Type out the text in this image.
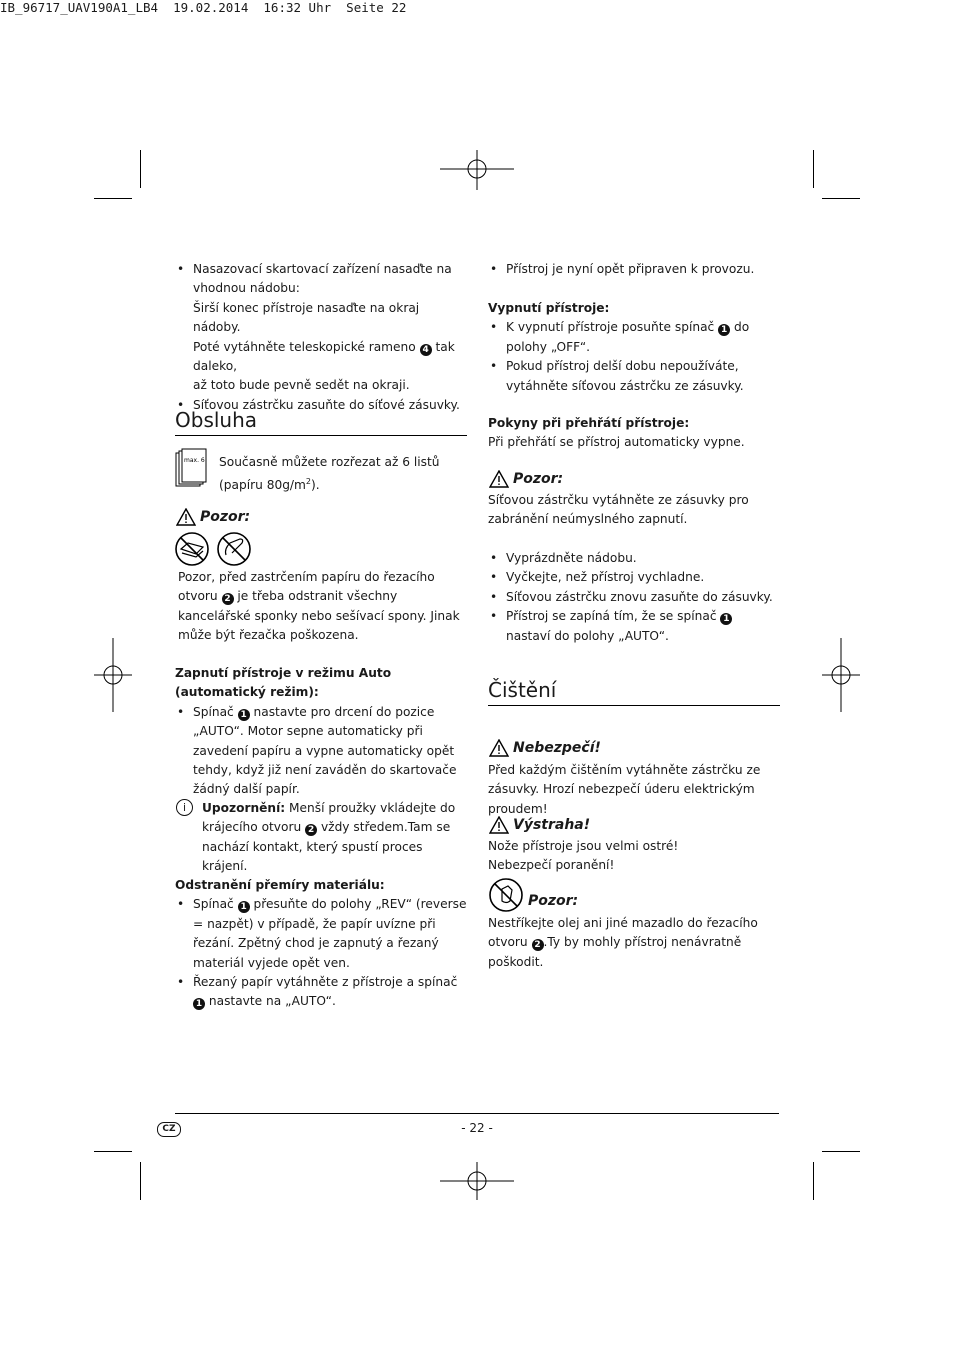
IB_96717_UAV190A1_LB4  19.02.2014  16:32 Uhr  Seite 22
• Nasazovací skartovací zařízení nasaďte na vhodnou nádobu:
Širší konec přístroje nasaďte na okraj nádoby.
Poté vytáhněte teleskopické rameno 4 tak daleko,
až toto bude pevně sedět na okraji.
• Síťovou zástrčku zasuňte do síťové zásuvky.
Obsluha
max. 6 Současně můžete rozřezat až 6 listů (papíru $80g/m^2$).
Pozor:
Pozor, před zastrčením papíru do řezacího otvoru 2 je třeba odstranit všechny kancelářské sponky nebo sešívací spony. Jinak může být řezačka poškozena.

Zapnutí přístroje v režimu Auto (automatický režim):

• Spínač 1 nastavte pro drcení do pozice „AUTO“. Motor sepne automaticky při zavedení papíru a vypne automaticky opět tehdy, když již není zaváděn do skartovače žádný další papír.
i	Upozornění: Menší proužky vkládejte do krájecího otvoru 2 vždy středem.Tam se nachází kontakt, který spustí proces krájení.

Odstranění přemíry materiálu:

• Spínač 1 přesuňte do polohy „REV“ (reverse = nazpět) v případě, že papír uvízne při řezání. Zpětný chod je zapnutý a řezaný materiál vyjede opět ven.
• Řezaný papír vytáhněte z přístroje a spínač 1 nastavte na „AUTO“.
• Přístroj je nyní opět připraven k provozu.

Vypnutí přístroje:

• K vypnutí přístroje posuňte spínač 1 do polohy „OFF“.
• Pokud přístroj delší dobu nepoužíváte, vytáhněte síťovou zástrčku ze zásuvky.

Pokyny při přehřátí přístroje:

Při přehřátí se přístroj automaticky vypne.

Pozor:
Síťovou zástrčku vytáhněte ze zásuvky pro zabránění neúmyslného zapnutí.
• Vyprázdněte nádobu.
• Vyčkejte, než přístroj vychladne.
• Síťovou zástrčku znovu zasuňte do zásuvky.
• Přístroj se zapíná tím, že se spínač 1 nastaví do polohy „AUTO“.
Čištění
Nebezpečí!
Před každým čištěním vytáhněte zástrčku ze zásuvky. Hrozí nebezpečí úderu elektrickým proudem!
Výstraha!

Nože přístroje jsou velmi ostré!

Nebezpečí poranění!

Pozor:
Nestříkejte olej ani jiné mazadlo do řezacího otvoru 2 .Ty by mohly přístroj nenávratně poškodit.
CZ	- 22 -
